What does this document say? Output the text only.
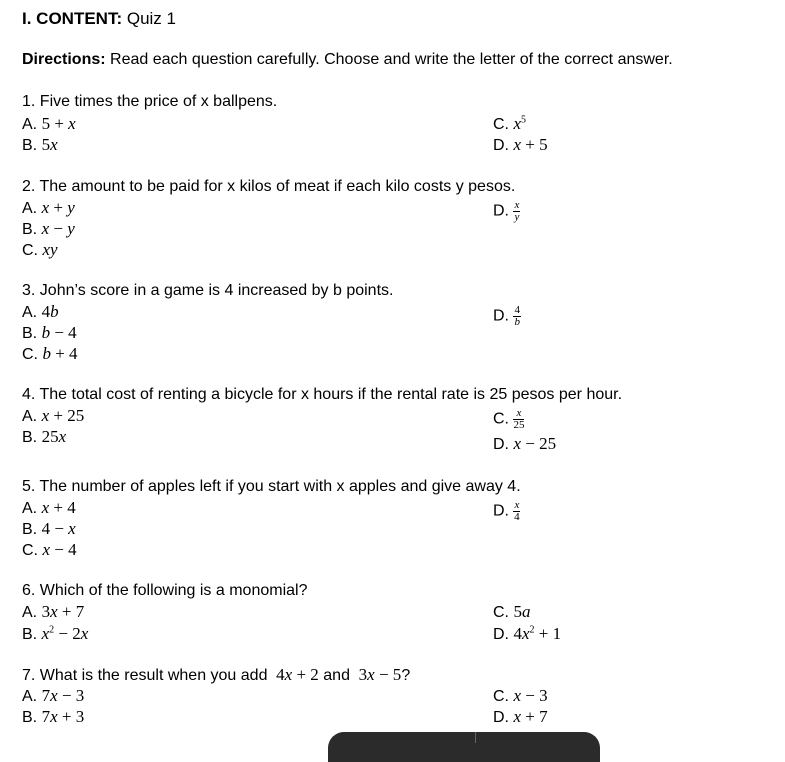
I. CONTENT: Quiz 1
Directions: Read each question carefully. Choose and write the letter of the correct answer.
1. Five times the price of x ballpens.
A. 5 + x
B. 5x
C. $x^5$
D. x + 5
2. The amount to be paid for x kilos of meat if each kilo costs y pesos.
A. x + y
B. x − y
C. xy
D. $\frac{x}{y}$
3. John’s score in a game is 4 increased by b points.
A. 4b
B. b − 4
C. b + 4
D. $\frac{4}{b}$
4. The total cost of renting a bicycle for x hours if the rental rate is 25 pesos per hour.
A. x + 25
B. 25x
C. $\frac{x}{25}$
D. x − 25
5. The number of apples left if you start with x apples and give away 4.
A. x + 4
B. 4 − x
C. x − 4
D. $\frac{x}{4}$
6. Which of the following is a monomial?
A. 3x + 7
B. $x^2 - 2x$
C. 5a
D. $4x^2 + 1$
7. What is the result when you add 4x + 2 and 3x − 5?
A. 7x − 3
B. 7x + 3
C. x − 3
D. x + 7
